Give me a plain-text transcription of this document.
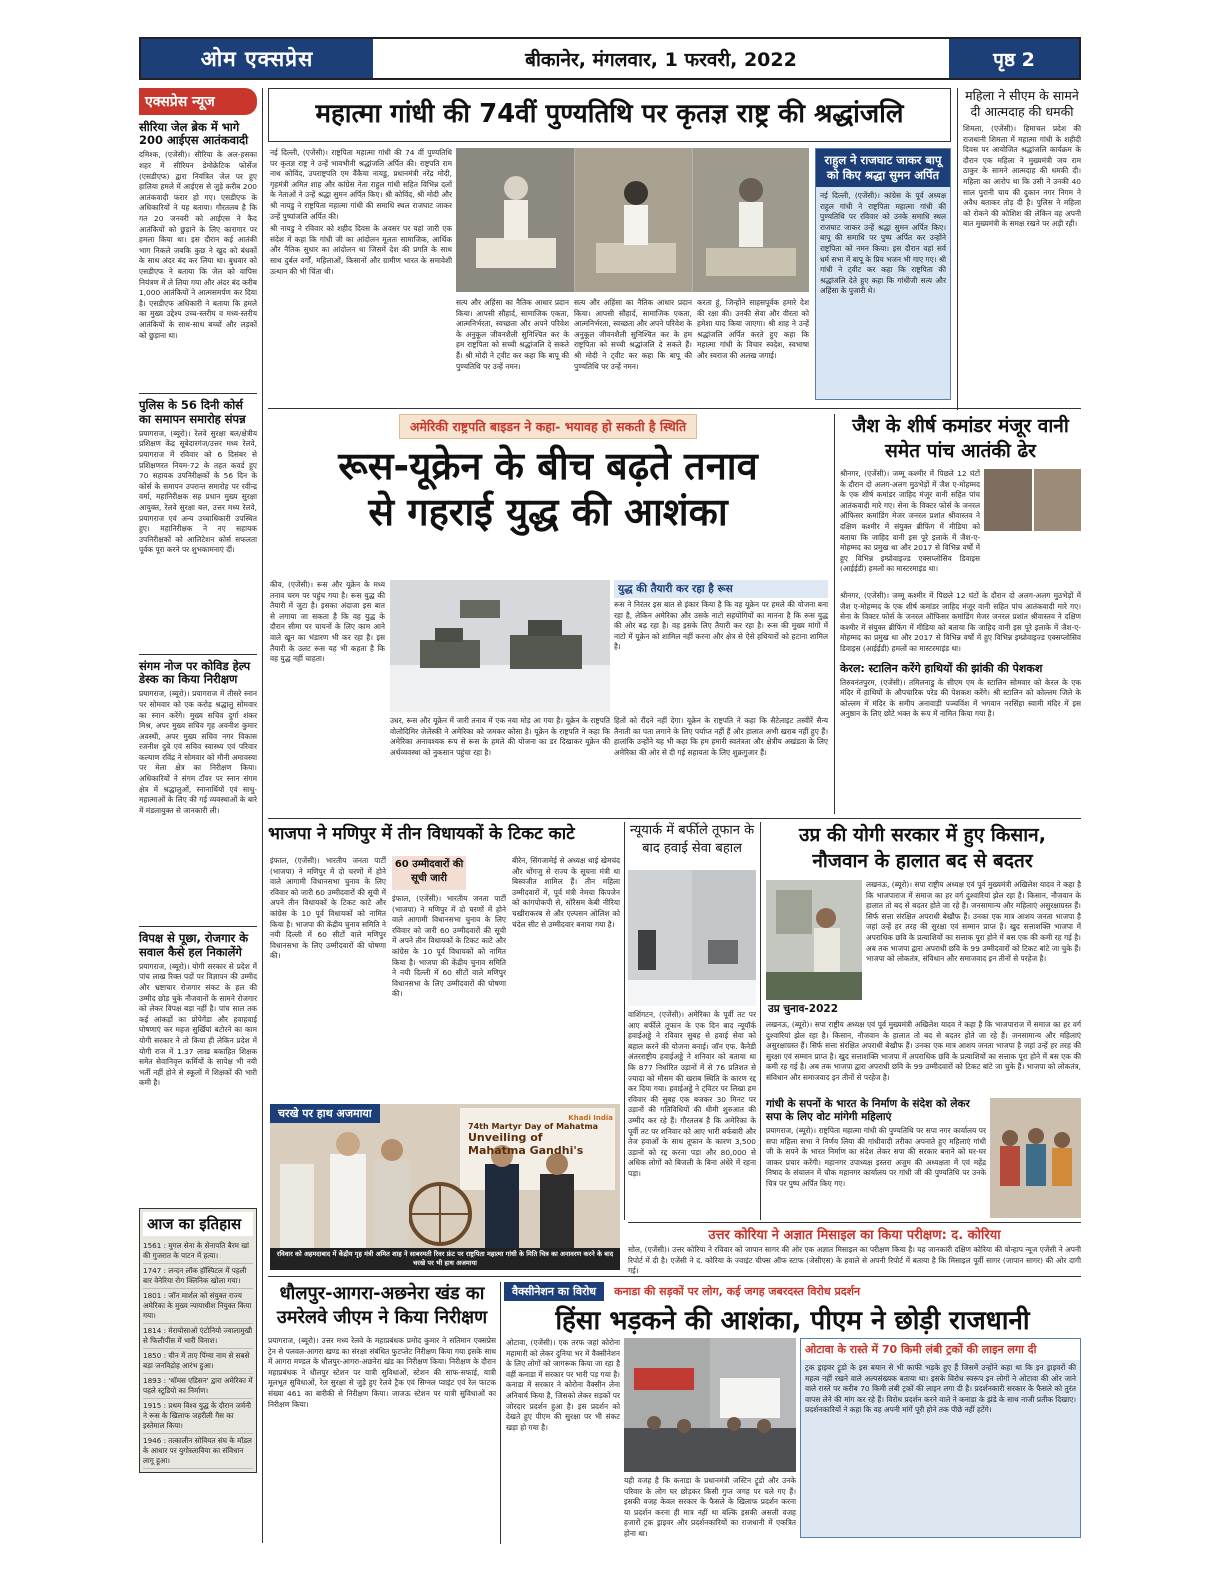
ओम एक्सप्रेस	बीकानेर, मंगलवार, 1 फरवरी, 2022	पृष्ठ 2
एक्सप्रेस न्यूज
सीरिया जेल ब्रेक में भागे 200 आईएस आतंकवादी
दमिश्क, (एजेंसी)। सीरिया के अल-हसका शहर में सीरियन डेमोक्रेटिक फोर्सेज (एसडीएफ) द्वारा नियंत्रित जेल पर हुए हालिया हमले में आईएस से जुड़े करीब 200 आतंकवादी फरार हो गए। एसडीएफ के अधिकारियों ने यह बताया। गौरतलब है कि गत 20 जनवरी को आईएस ने कैद आतंकियों को छुड़ाने के लिए कारागार पर हमला किया था। इस दौरान कई आतंकी भाग निकले जबकि कुछ ने खुद को बंधकों के साथ अंदर बंद कर लिया था। बुधवार को एसडीएफ ने बताया कि जेल को वापिस नियंत्रण में ले लिया गया और अंदर बंद करीब 1,000 आतंकियों ने आत्मसमर्पण कर दिया है। एसडीएफ अधिकारी ने बताया कि हमले का मुख्य उद्देश्य उच्च-स्तरीय व मध्य-स्तरीय आतंकियों के साथ-साथ बच्चों और लड़कों को छुड़ाना था।
पुलिस के 56 दिनी कोर्स का समापन समारोह संपन्न
प्रयागराज, (ब्यूरो)। रेलवे सुरक्षा बल/क्षेत्रीय प्रशिक्षण केंद्र सूबेदारगंज/उत्तर मध्य रेलवे, प्रयागराज में रविवार को 6 दिसंबर से प्रशिक्षणरत नियम-72 के तहत कवर्ड हुए 70 सहायक उपनिरीक्षकों के 56 दिन के कोर्स के समापन उपरान्त समारोह पर रवीन्द्र वर्मा, महानिरीक्षक सह प्रधान मुख्य सुरक्षा आयुक्त, रेलवे सुरक्षा बल, उत्तर मध्य रेलवे, प्रयागराज एवं अन्य उच्चाधिकारी उपस्थित हुए। महानिरीक्षक ने नए सहायक उपनिरीक्षकों को आलिटेशन कोर्स सफलता पूर्वक पूरा करने पर शुभकामनाएं दीं।
संगम नोज पर कोविड हेल्प डेस्क का किया निरीक्षण
प्रयागराज, (ब्यूरो)। प्रयागराज में तीसरे स्नान पर सोमवार को एक करोड़ श्रद्धालु सोमवार का स्नान करेंगे। मुख्य सचिव दुर्गा शंकर मिश्र, अपर मुख्य सचिव गृह अवनीश कुमार अवस्थी, अपर मुख्य सचिव नगर विकास रजनीश दुबे एवं सचिव स्वास्थ्य एवं परिवार कल्याण रविंद्र ने सोमवार को मौनी अमावस्या पर मेला क्षेत्र का निरीक्षण किया। अधिकारियों ने संगम टॉवर पर स्नान संगम क्षेत्र में श्रद्धालुओं, स्नानार्थियों एवं साधु-महात्माओं के लिए की गई व्यवस्थाओं के बारे में मंडलायुक्त से जानकारी ली।
विपक्ष से पूछा, रोजगार के सवाल कैसे हल निकालेंगे
प्रयागराज, (ब्यूरो)। योगी सरकार से प्रदेश में पांच लाख रिक्त पदों पर विज्ञापन की उम्मीद और भ्रष्टाचार रोजगार संकट के हल की उम्मीद छोड़ चुके नौजवानों के सामने रोजगार को लेकर विपक्ष बड़ा नहीं है। पांच साल तक कई आंकड़ों का प्रोपेगेंडा और हवाहवाई घोषणाएं कर महज सुर्खियां बटोरने का काम योगी सरकार ने तो किया ही लेकिन प्रदेश में योगी राज में 1.37 लाख बकाहित शिक्षक समेत सेवानिवृत्त कर्मियों के सापेक्ष भी नयी भर्ती नहीं होने से स्कूलों में शिक्षकों की भारी कमी है।
आज का इतिहास
1561 : मुगल सेना के सेनापति बैरम खां की गुजरात के पाटन में हत्या।
1747 : लन्दन लॉक हॉस्पिटल में पहली बार वेनेरिया रोग क्लिनिक खोला गया।
1801 : जॉन मार्शल को संयुक्त राज्य अमेरिका के मुख्य न्यायाधीश नियुक्त किया गया।
1814 : मेरायोसाओ एंटोनियो ज्वालामुखी से फिलीपींस में भारी विनाश।
1850 : चीन में ताए पिंग्या नाम से सबसे बड़ा जनविद्रोह आरंभ हुआ।
1893 : 'थॉमस एडिसन' द्वारा अमेरिका में पहले स्टूडियो का निर्माण।
1915 : प्रथम विश्व युद्ध के दौरान जर्मनी ने रूस के खिलाफ जहरीली गैस का इस्तेमाल किया।
1946 : तत्कालीन सोवियत संघ के मॉडल के आधार पर युगोस्लाविया का संविधान लागू हुआ।
महात्मा गांधी की 74वीं पुण्यतिथि पर कृतज्ञ राष्ट्र की श्रद्धांजलि

नई दिल्ली, (एजेंसी)। राष्ट्रपिता महात्मा गांधी की 74 वीं पुण्यतिथि पर कृतज्ञ राष्ट्र ने उन्हें भावभीनी श्रद्धांजलि अर्पित की। राष्ट्रपति राम नाथ कोविंद, उपराष्ट्रपति एम वैंकैया नायडु, प्रधानमंत्री नरेंद्र मोदी, गृहमंत्री अमित शाह और कांग्रेस नेता राहुल गांधी सहित विभिन्न दलों के नेताओं ने उन्हें श्रद्धा सुमन अर्पित किए। श्री कोविंद, श्री मोदी और श्री नायडु ने राष्ट्रपिता महात्मा गांधी की समाधि स्थल राजघाट जाकर उन्हें पुष्पांजलि अर्पित की।

श्री नायडु ने रविवार को शहीद दिवस के अवसर पर यहां जारी एक संदेश में कहा कि गांधी जी का आंदोलन मूलतः सामाजिक, आर्थिक और नैतिक सुधार का आंदोलन था जिसमें देश की प्रगति के साथ साथ दुर्बल वर्गों, महिलाओं, किसानों और ग्रामीण भारत के समावेशी उत्थान की भी चिंता थी।

सत्य और अहिंसा का नैतिक आधार प्रदान किया। आपसी सौहार्द, सामाजिक एकता, आत्मनिर्भरता, स्वच्छता और अपने परिवेश के अनुकूल जीवनशैली सुनिश्चित कर के हम राष्ट्रपिता को सच्ची श्रद्धांजलि दे सकते हैं। श्री मोदी ने ट्वीट कर कहा कि बापू की पुण्यतिथि पर उन्हें नमन।
सत्य और अहिंसा का नैतिक आधार प्रदान किया। आपसी सौहार्द, सामाजिक एकता, आत्मनिर्भरता, स्वच्छता और अपने परिवेश के अनुकूल जीवनशैली सुनिश्चित कर के हम राष्ट्रपिता को सच्ची श्रद्धांजलि दे सकते हैं। श्री मोदी ने ट्वीट कर कहा कि बापू की पुण्यतिथि पर उन्हें नमन।
करता हूं, जिन्होंने साहसपूर्वक हमारे देश की रक्षा की। उनकी सेवा और वीरता को हमेशा याद किया जाएगा। श्री शाह ने उन्हें श्रद्धांजलि अर्पित करते हुए कहा कि महात्मा गांधी के विचार स्वदेश, स्वभाषा और स्वराज की अलख जगाई।
राहुल ने राजघाट जाकर बापू को किए श्रद्धा सुमन अर्पित
नई दिल्ली, (एजेंसी)। कांग्रेस के पूर्व अध्यक्ष राहुल गांधी ने राष्ट्रपिता महात्मा गांधी की पुण्यतिथि पर रविवार को उनके समाधि स्थल राजघाट जाकर उन्हें श्रद्धा सुमन अर्पित किए। बापू की समाधि पर पुष्प अर्पित कर उन्होंने राष्ट्रपिता को नमन किया। इस दौरान वहां सर्व धर्म सभा में बापू के प्रिय भजन भी गाए गए। श्री गांधी ने ट्वीट कर कहा कि राष्ट्रपिता की श्रद्धांजलि देते हुए कहा कि गांधीजी सत्य और अहिंसा के पुजारी थे।
महिला ने सीएम के सामने दी आत्मदाह की धमकी
शिमला, (एजेंसी)। हिमाचल प्रदेश की राजधानी शिमला में महात्मा गांधी के शहीदी दिवस पर आयोजित श्रद्धांजलि कार्यक्रम के दौरान एक महिला ने मुख्यमंत्री जय राम ठाकुर के सामने आत्मदाह की धमकी दी। महिला का आरोप था कि उसी ने उनकी 40 साल पुरानी चाय की दुकान नगर निगम ने अवैध बताकर तोड़ दी है। पुलिस ने महिला को रोकने की कोशिश की लेकिन वह अपनी बात मुख्यमंत्री के समक्ष रखने पर अड़ी रही।
अमेरिकी राष्ट्रपति बाइडन ने कहा- भयावह हो सकती है स्थिति
रूस-यूक्रेन के बीच बढ़ते तनाव
से गहराई युद्ध की आशंका
कीव, (एजेंसी)। रूस और यूक्रेन के मध्य तनाव चरम पर पहुंच गया है। रूस युद्ध की तैयारी में जुटा है। इसका अंदाजा इस बात से लगाया जा सकता है कि वह युद्ध के दौरान सीमा पर चायनों के लिए काम आने वाले खून का भंडारण भी कर रहा है। इस तैयारी के उलट रूस यह भी कहता है कि वह युद्ध नहीं चाहता।
युद्ध की तैयारी कर रहा है रूस
रूस ने निरंतर इस बात से इंकार किया है कि वह यूक्रेन पर हमले की योजना बना रहा है, लेकिन अमेरिका और उसके नाटो सहयोगियों का मानना है कि रूस युद्ध की ओर बढ़ रहा है। वह इसके लिए तैयारी कर रहा है। रूस की मुख्य मांगों में नाटो में यूक्रेन को शामिल नहीं करना और क्षेत्र से ऐसे हथियारों को हटाना शामिल है।
उधर, रूस और यूक्रेन में जारी तनाव में एक नया मोड़ आ गया है। यूक्रेन के राष्ट्रपति वोलोदिमिर जेलेंस्की ने अमेरिका को जमकर कोसा है। यूक्रेन के राष्ट्रपति ने कहा कि अमेरिका अनावश्यक रूप से रूस के हमले की योजना का डर दिखाकर यूक्रेन की अर्थव्यवस्था को नुकसान पहुंचा रहा है।
हितों को रौंदने नहीं देगा। यूक्रेन के राष्ट्रपति ने कहा कि सैटेलाइट तस्वीरें सैन्य तैनाती का पता लगाने के लिए पर्याप्त नहीं हैं और हालात अभी खराब नहीं हुए हैं। हालांकि उन्होंने यह भी कहा कि हम हमारी स्वतंत्रता और क्षेत्रीय अखंडता के लिए अमेरिका की ओर से दी गई सहायता के लिए शुक्रगुजार हैं।
जैश के शीर्ष कमांडर मंजूर वानी समेत पांच आतंकी ढेर
श्रीनगर, (एजेंसी)। जम्मू कश्मीर में पिछले 12 घंटों के दौरान दो अलग-अलग मुठभेड़ों में जैश ए-मोहम्मद के एक शीर्ष कमांडर जाहिद मंजूर वानी सहित पांच आतंकवादी मारे गए। सेना के विक्टर फोर्स के जनरल ऑफिसर कमांडिंग मेजर जनरल प्रशांत श्रीवास्तव ने दक्षिण कश्मीर में संयुक्त ब्रीफिंग में मीडिया को बताया कि जाहिद वानी इस पूरे इलाके में जैश-ए-मोहम्मद का प्रमुख था और 2017 से विभिन्न वर्षों में हुए विभिन्न इम्प्रोवाइज्ड एक्सप्लोसिव डिवाइस (आईईडी) हमलों का मास्टरमाइंड था।
श्रीनगर, (एजेंसी)। जम्मू कश्मीर में पिछले 12 घंटों के दौरान दो अलग-अलग मुठभेड़ों में जैश ए-मोहम्मद के एक शीर्ष कमांडर जाहिद मंजूर वानी सहित पांच आतंकवादी मारे गए। सेना के विक्टर फोर्स के जनरल ऑफिसर कमांडिंग मेजर जनरल प्रशांत श्रीवास्तव ने दक्षिण कश्मीर में संयुक्त ब्रीफिंग में मीडिया को बताया कि जाहिद वानी इस पूरे इलाके में जैश-ए-मोहम्मद का प्रमुख था और 2017 से विभिन्न वर्षों में हुए विभिन्न इम्प्रोवाइज्ड एक्सप्लोसिव डिवाइस (आईईडी) हमलों का मास्टरमाइंड था।
केरल: स्टालिन करेंगे हाथियों की झांकी की पेशकश
तिरुवनंतपुरम, (एजेंसी)। तमिलनाडु के सीएम एम के स्टालिन सोमवार को केरल के एक मंदिर में हाथियों के औपचारिक परेड की पेशकश करेंगे। श्री स्टालिन को कोल्लम जिले के कोल्लम में मंदिर के समीप अनावाड़ी पञ्चविंश में भगवान नरसिंहा स्वामी मंदिर में इस अनुष्ठान के लिए छोटे भक्त के रूप में नामित किया गया है।
भाजपा ने मणिपुर में तीन विधायकों के टिकट काटे
इंफाल, (एजेंसी)। भारतीय जनता पार्टी (भाजपा) ने मणिपुर में दो चरणों में होने वाले आगामी विधानसभा चुनाव के लिए रविवार को जारी 60 उम्मीदवारों की सूची में अपने तीन विधायकों के टिकट काटे और कांग्रेस के 10 पूर्व विधायकों को नामित किया है। भाजपा की केंद्रीय चुनाव समिति ने नयी दिल्ली में 60 सीटों वाले मणिपुर विधानसभा के लिए उम्मीदवारों की घोषणा की।
60 उम्मीदवारों की सूची जारी
इंफाल, (एजेंसी)। भारतीय जनता पार्टी (भाजपा) ने मणिपुर में दो चरणों में होने वाले आगामी विधानसभा चुनाव के लिए रविवार को जारी 60 उम्मीदवारों की सूची में अपने तीन विधायकों के टिकट काटे और कांग्रेस के 10 पूर्व विधायकों को नामित किया है। भाजपा की केंद्रीय चुनाव समिति ने नयी दिल्ली में 60 सीटों वाले मणिपुर विधानसभा के लिए उम्मीदवारों की घोषणा की।
बीरेन, सिंगजामेई से अध्यक्ष थाई खेमचंद और थोंगजु से राज्य के सूचना मंत्री था बिस्वजीत शामिल हैं। तीन महिला उम्मीदवारों में, पूर्व मंत्री नेमचा किपजेन को कांगपोकपी से, सोरैसम केबी नीरिया चखीराकरब से और एल्‍पसन ओलिश को चंदेल सीट से उम्मीदवार बनाया गया है।
चरखे पर हाथ अजमाया	Khadi India
74th Martyr Day of Mahatma
Unveiling of
Mahatma Gandhi's
रविवार को अहमदाबाद में केंद्रीय गृह मंत्री अमित शाह ने साबरमती रिवर फ्रंट पर राष्ट्रपिता महात्मा गांधी के मिति चित्र का अनावरण करने के बाद चरखे पर भी हाथ अजमाया
न्यूयार्क में बर्फीले तूफान के बाद हवाई सेवा बहाल
वाशिंगटन, (एजेंसी)। अमेरिका के पूर्वी तट पर आए बर्फीले तूफान के एक दिन बाद न्यूयॉर्क हवाईअड्डे ने रविवार सुबह से हवाई सेवा को बहाल करने की योजना बनाई। जॉन एफ. कैनेडी अंतरराष्ट्रीय हवाईअड्डे ने शनिवार को बताया था कि 877 निर्धारित उड़ानों में से 76 प्रतिशत से ज्यादा को मौसम की खराब स्थिति के कारण रद्द कर दिया गया। हवाईअड्डे ने ट्विटर पर लिखा हम रविवार की सुबह एक बजकर 30 मिनट पर उड़ानों की गतिविधियों की धीमी शुरुआत की उम्मीद कर रहे हैं। गौरतलब है कि अमेरिका के पूर्वी तट पर शनिवार को आए भारी बर्फबारी और तेज हवाओं के साथ तूफान के कारण 3,500 उड़ानों को रद्द करना पड़ा और 80,000 से अधिक लोगों को बिजली के बिना अंधेरे में रहना पड़ा।
उप्र की योगी सरकार में हुए किसान,
नौजवान के हालात बद से बदतर
उप्र चुनाव-2022
लखनऊ, (ब्यूरो)। सपा राष्ट्रीय अध्यक्ष एवं पूर्व मुख्यमंत्री अखिलेश यादव ने कहा है कि भाजपाराज में समाज का हर वर्ग दुश्वारियां झेल रहा है। किसान, नौजवान के हालात तो बद से बदतर होते जा रहे हैं। जनसामान्य और महिलाएं असुरक्षाग्रस्त हैं। सिर्फ सत्ता संरक्षित अपराधी बेखौफ हैं। उनका एक मात्र आशय जनता भाजपा है जहां उन्हें हर तरह की सुरक्षा एवं सम्मान प्राप्त है। खुद सत्ताशक्ति भाजपा में अपराधिक छवि के प्रत्याशियों का सत्ताक पूरा होने में बस एक की कमी रह गई है। अब तक भाजपा द्वारा अपराधी छवि के 99 उम्मीदवारों को टिकट बांटे जा चुके हैं। भाजपा को लोकतंत्र, संविधान और समाजवाद इन तीनों से परहेज है।
लखनऊ, (ब्यूरो)। सपा राष्ट्रीय अध्यक्ष एवं पूर्व मुख्यमंत्री अखिलेश यादव ने कहा है कि भाजपाराज में समाज का हर वर्ग दुश्वारियां झेल रहा है। किसान, नौजवान के हालात तो बद से बदतर होते जा रहे हैं। जनसामान्य और महिलाएं असुरक्षाग्रस्त हैं। सिर्फ सत्ता संरक्षित अपराधी बेखौफ हैं। उनका एक मात्र आशय जनता भाजपा है जहां उन्हें हर तरह की सुरक्षा एवं सम्मान प्राप्त है। खुद सत्ताशक्ति भाजपा में अपराधिक छवि के प्रत्याशियों का सत्ताक पूरा होने में बस एक की कमी रह गई है। अब तक भाजपा द्वारा अपराधी छवि के 99 उम्मीदवारों को टिकट बांटे जा चुके हैं। भाजपा को लोकतंत्र, संविधान और समाजवाद इन तीनों से परहेज है।
गांधी के सपनों के भारत के निर्माण के संदेश को लेकर सपा के लिए वोट मांगेगी महिलाएं
प्रयागराज, (ब्यूरो)। राष्ट्रपिता महात्मा गांधी की पुण्यतिथि पर सपा नगर कार्यालय पर सपा महिला सभा ने निर्णय लिया की गांधीवादी तरीका अपनाते हुए महिलाएं गांधी जी के सपने के भारत निर्माण का संदेश लेकर सपा की सरकार बनाने को घर-घर जाकर प्रचार करेंगी। महानगर उपाध्यक्ष इस्तरा अजुम की अध्यक्षता में एवं महेंद्र निषाद के संचालन में चौक महानगर कार्यालय पर गांधी जी की पुण्यतिथि पर उनके चित्र पर पुष्प अर्पित किए गए।
उत्तर कोरिया ने अज्ञात मिसाइल का किया परीक्षण: द. कोरिया
सोल, (एजेंसी)। उत्तर कोरिया ने रविवार को जापान सागर की ओर एक अज्ञात मिसाइल का परीक्षण किया है। यह जानकारी दक्षिण कोरिया की योन्हाप न्यूज एजेंसी ने अपनी रिपोर्ट में दी है। एजेंसी ने द. कोरिया के ज्वाइंट चीफ्स ऑफ स्टाफ (जेसीएस) के हवाले से अपनी रिपोर्ट में बताया है कि मिसाइल पूर्वी सागर (जापान सागर) की ओर दागी गई।
धौलपुर-आगरा-अछनेरा खंड का उमरेलवे जीएम ने किया निरीक्षण
प्रयागराज, (ब्यूरो)। उत्तर मध्य रेलवे के महाप्रबंधक प्रमोद कुमार ने सतिमान एक्सप्रेस ट्रेन से पलवल-आगरा खण्ड का संरक्षा संबंधित फुटप्लेट निरीक्षण किया गया इसके साथ में आगरा मण्डल के धौलपुर-आगरा-अछनेरा खंड का निरीक्षण किया। निरीक्षण के दौरान महाप्रबंधक ने धौलपुर स्टेशन पर यात्री सुविधाओं, स्टेशन की साफ-सफाई, यात्री मूलभूत सुविधाओं, रेल सुरक्षा से जुड़े हुए रेलवे ट्रैक एवं सिग्नल प्वाइंट एवं रेल फाटक संख्या 461 का बारीकी से निरीक्षण किया। जाजऊ स्टेशन पर यात्री सुविधाओं का निरीक्षण किया।
वैक्सीनेशन का विरोध	कनाडा की सड़कों पर लोग, कई जगह जबरदस्त विरोध प्रदर्शन
हिंसा भड़कने की आशंका, पीएम ने छोड़ी राजधानी
ओटावा, (एजेंसी)। एक तरफ जहां कोरोना महामारी को लेकर दुनिया भर में वैक्सीनेशन के लिए लोगों को जागरूक किया जा रहा है वहीं कनाडा में सरकार पर भारी पड़ गया है। कनाडा में सरकार ने कोरोना वैक्सीन लेना अनिवार्य किया है, जिसको लेकर सड़कों पर जोरदार प्रदर्शन हुआ है। इस प्रदर्शन को देखते हुए पीएम की सुरक्षा पर भी संकट खड़ा हो गया है।
यही वजह है कि कनाडा के प्रधानमंत्री जस्टिन ट्रूडो और उनके परिवार के लोग घर छोड़कर किसी गुप्त जगह पर चले गए हैं। इसकी वजह केवल सरकार के फैसले के खिलाफ प्रदर्शन करना या प्रदर्शन करना ही मात्र नहीं था बल्कि इसकी असली वजह हजारों ट्रक ड्राइवर और प्रदर्शनकारियों का राजधानी में एकत्रित होना था।
ओटावा के रास्ते में 70 किमी लंबी ट्रकों की लाइन लगा दी
ट्रक ड्राइवर ट्रूडो के इस बयान से भी काफी भड़के हुए हैं जिसमें उन्होंने कहा था कि इन ड्राइवरों की महत्व नहीं रखने वाले अल्पसंख्यक बताया था। इसके विरोध स्वरूप इन लोगों ने ओटावा की ओर जाने वाले रास्ते पर करीब 70 किमी लंबी ट्रकों की लाइन लगा दी है। प्रदर्शनकारी सरकार के फैसले को तुरंत वापस लेने की मांग कर रहे हैं। विरोध प्रदर्शन करने वाले ने कनाडा के झंडे के साथ नाजी प्रतीक दिखाए। प्रदर्शनकारियों ने कहा कि वह अपनी मांगें पूरी होने तक पीछे नहीं हटेंगे।
